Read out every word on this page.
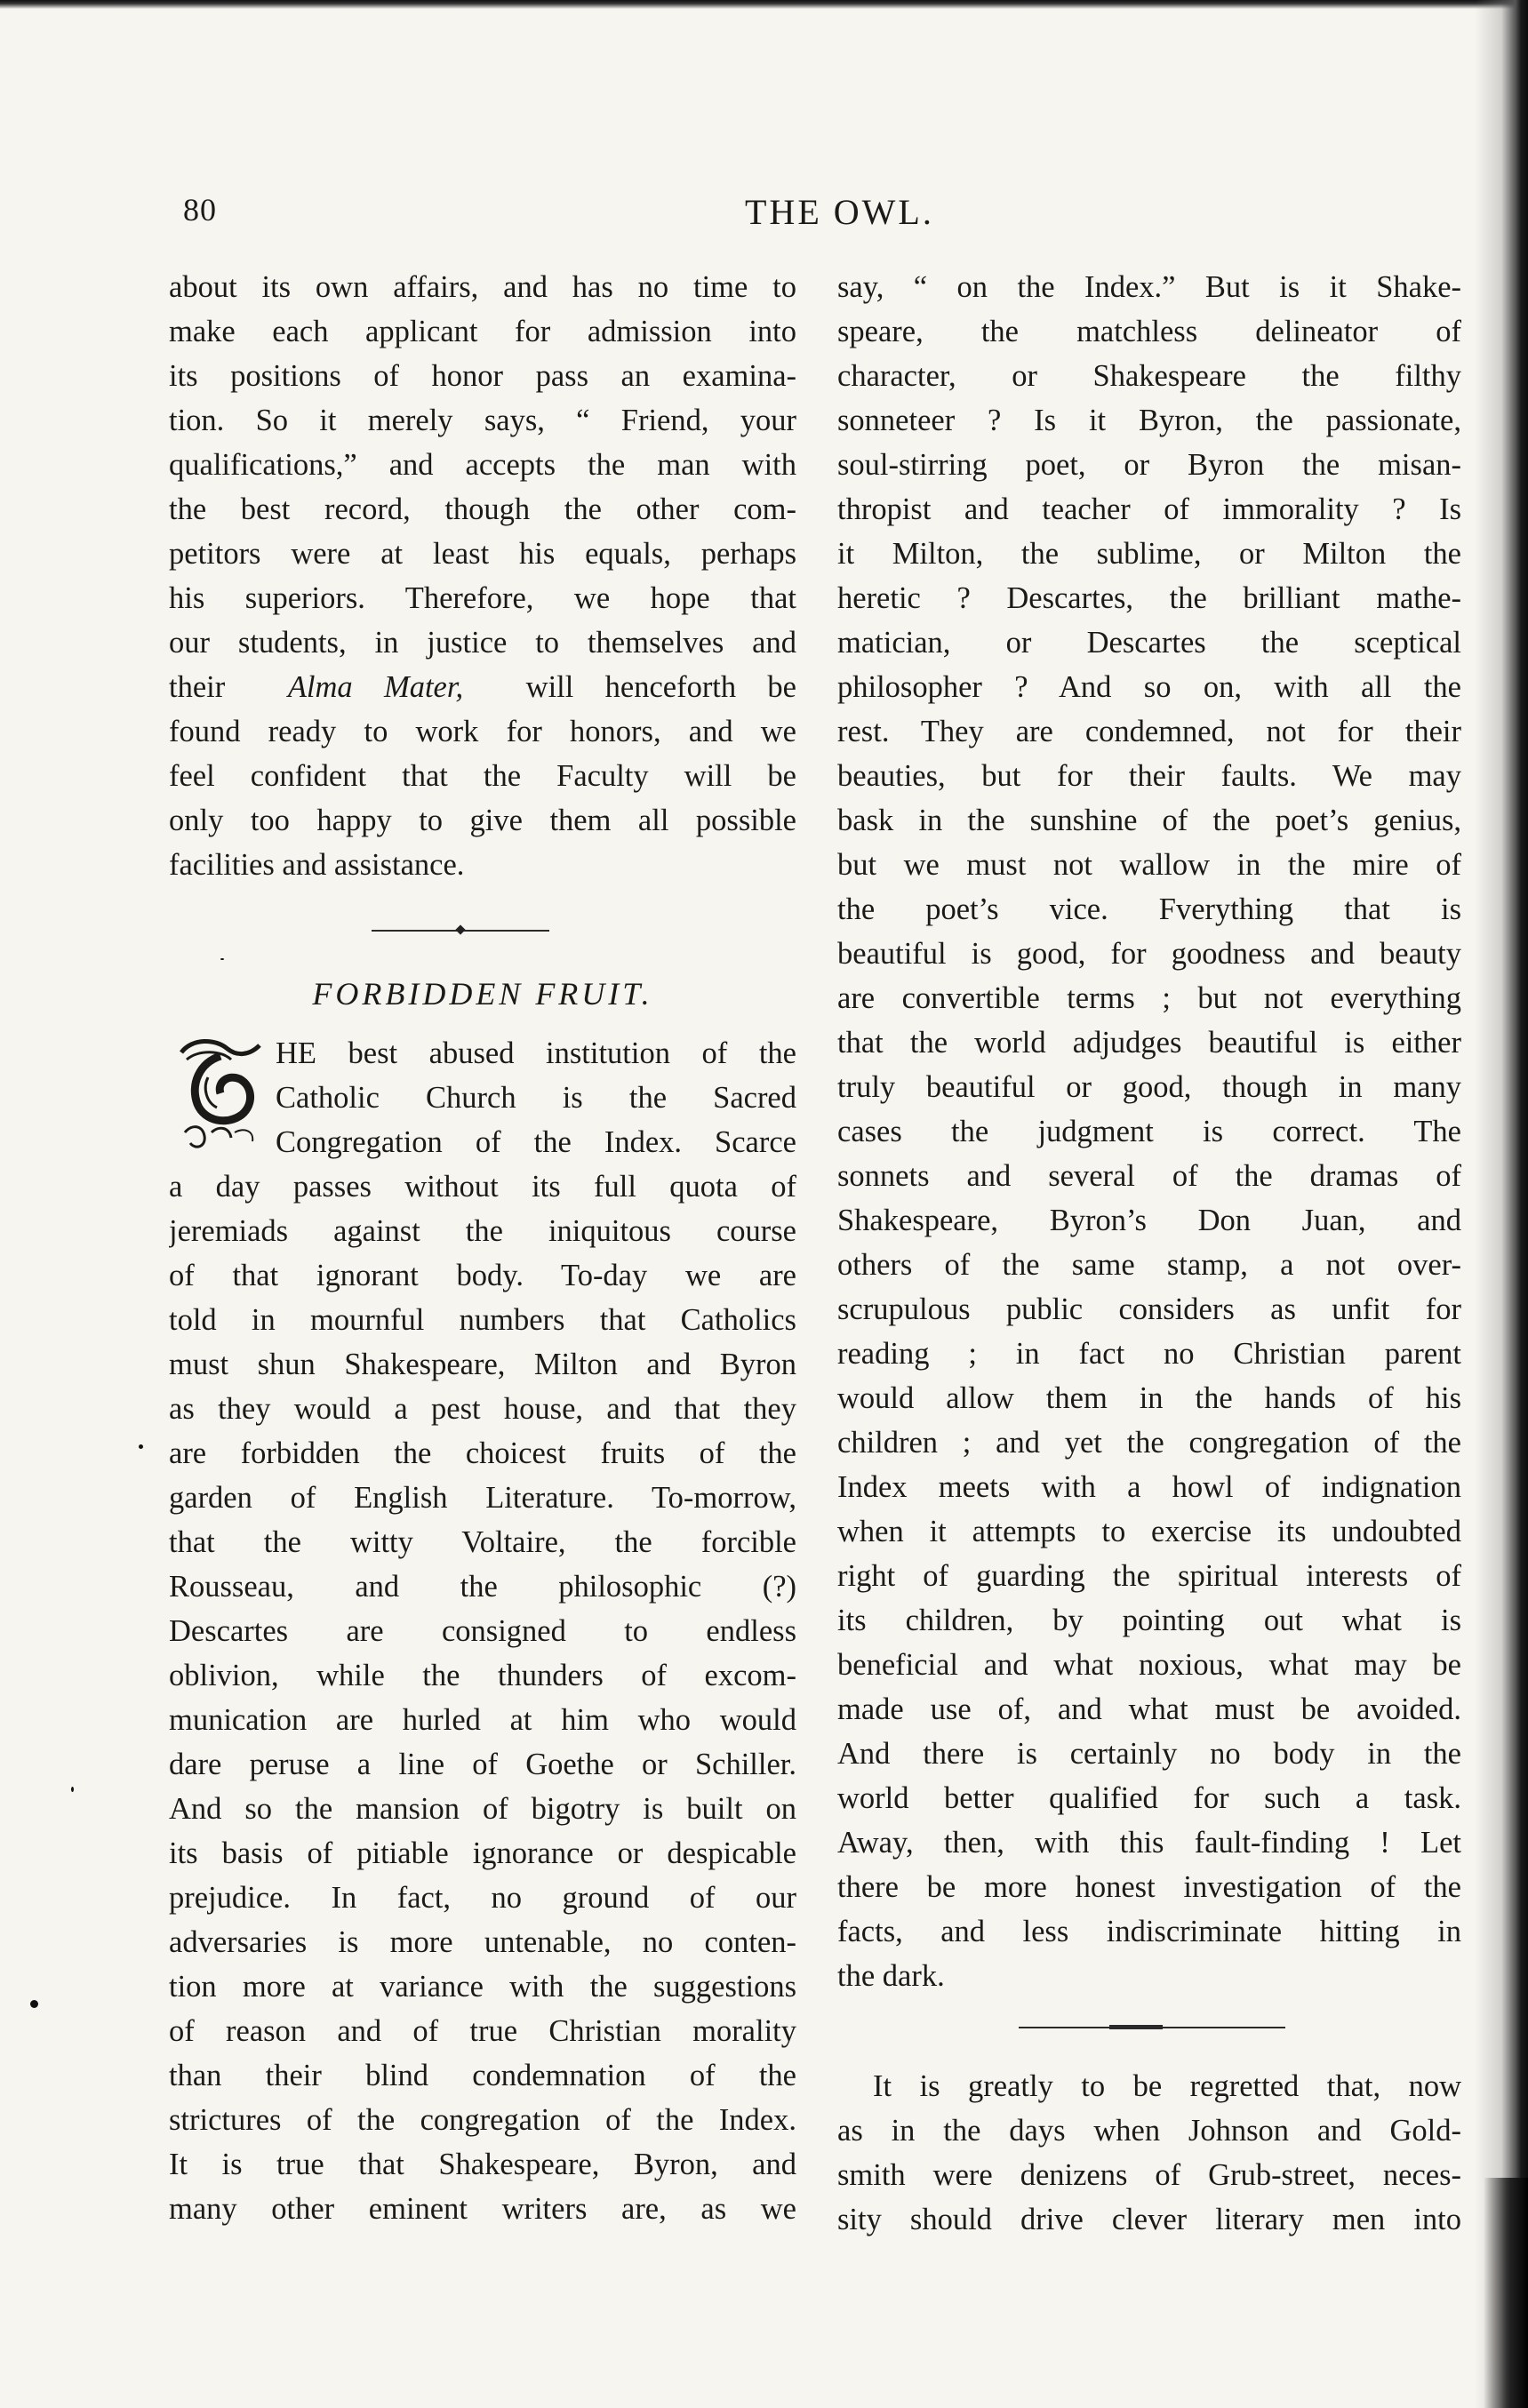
80	THE OWL.
about its own affairs, and has no time to
make each applicant for admission into
its positions of honor pass an examina-
tion. So it merely says, “ Friend, your
qualifications,” and accepts the man with
the best record, though the other com-
petitors were at least his equals, perhaps
his superiors. Therefore, we hope that
our students, in justice to themselves and
their Alma Mater, will henceforth be
found ready to work for honors, and we
feel confident that the Faculty will be
only too happy to give them all possible
facilities and assistance.
FORBIDDEN FRUIT.
HE best abused institution of the
Catholic Church is the Sacred
Congregation of the Index. Scarce
a day passes without its full quota of
jeremiads against the iniquitous course
of that ignorant body. To-day we are
told in mournful numbers that Catholics
must shun Shakespeare, Milton and Byron
as they would a pest house, and that they
are forbidden the choicest fruits of the
garden of English Literature. To-morrow,
that the witty Voltaire, the forcible
Rousseau, and the philosophic (?)
Descartes are consigned to endless
oblivion, while the thunders of excom-
munication are hurled at him who would
dare peruse a line of Goethe or Schiller.
And so the mansion of bigotry is built on
its basis of pitiable ignorance or despicable
prejudice. In fact, no ground of our
adversaries is more untenable, no conten-
tion more at variance with the suggestions
of reason and of true Christian morality
than their blind condemnation of the
strictures of the congregation of the Index.
It is true that Shakespeare, Byron, and
many other eminent writers are, as we
say, “ on the Index.” But is it Shake-
speare, the matchless delineator of
character, or Shakespeare the filthy
sonneteer ? Is it Byron, the passionate,
soul-stirring poet, or Byron the misan-
thropist and teacher of immorality ? Is
it Milton, the sublime, or Milton the
heretic ? Descartes, the brilliant mathe-
matician, or Descartes the sceptical
philosopher ? And so on, with all the
rest. They are condemned, not for their
beauties, but for their faults. We may
bask in the sunshine of the poet’s genius,
but we must not wallow in the mire of
the poet’s vice. Fverything that is
beautiful is good, for goodness and beauty
are convertible terms ; but not everything
that the world adjudges beautiful is either
truly beautiful or good, though in many
cases the judgment is correct. The
sonnets and several of the dramas of
Shakespeare, Byron’s Don Juan, and
others of the same stamp, a not over-
scrupulous public considers as unfit for
reading ; in fact no Christian parent
would allow them in the hands of his
children ; and yet the congregation of the
Index meets with a howl of indignation
when it attempts to exercise its undoubted
right of guarding the spiritual interests of
its children, by pointing out what is
beneficial and what noxious, what may be
made use of, and what must be avoided.
And there is certainly no body in the
world better qualified for such a task.
Away, then, with this fault-finding ! Let
there be more honest investigation of the
facts, and less indiscriminate hitting in
the dark.
It is greatly to be regretted that, now
as in the days when Johnson and Gold-
smith were denizens of Grub-street, neces-
sity should drive clever literary men into
